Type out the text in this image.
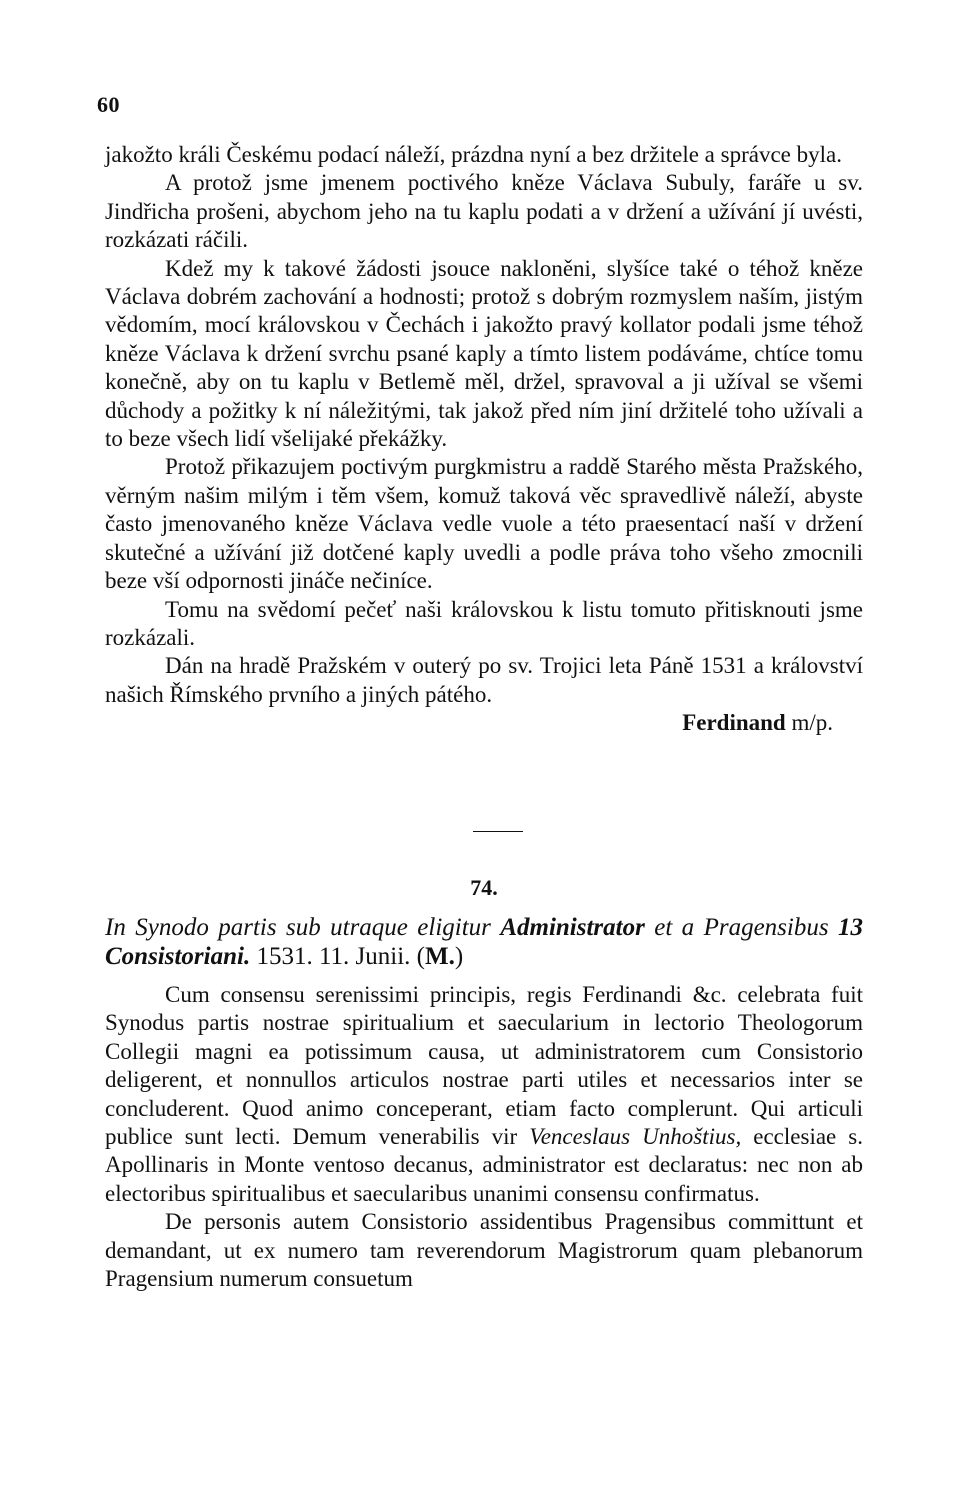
60

jakožto králi Českému podací náleží, prázdna nyní a bez držitele a správce byla.

A protož jsme jmenem poctivého kněze Václava Subuly, faráře u sv. Jindřicha prošeni, abychom jeho na tu kaplu podati a v držení a užívání jí uvésti, rozkázati ráčili.

Kdež my k takové žádosti jsouce nakloněni, slyšíce také o téhož kněze Václava dobrém zachování a hodnosti; protož s dobrým rozmyslem naším, jistým vědomím, mocí královskou v Čechách i jakožto pravý kollator podali jsme téhož kněze Václava k držení svrchu psané kaply a tímto listem podáváme, chtíce tomu konečně, aby on tu kaplu v Betlemě měl, držel, spravoval a ji užíval se všemi důchody a požitky k ní náležitými, tak jakož před ním jiní držitelé toho užívali a to beze všech lidí všelijaké překážky.

Protož přikazujem poctivým purgkmistru a raddě Starého města Pražského, věrným našim milým i těm všem, komuž taková věc spravedlivě náleží, abyste často jmenovaného kněze Václava vedle vuole a této praesentací naší v držení skutečné a užívání již dotčené kaply uvedli a podle práva toho všeho zmocnili beze vší odpornosti jináče nečiníce.

Tomu na svědomí pečeť naši královskou k listu tomuto přitisknouti jsme rozkázali.

Dán na hradě Pražském v outerý po sv. Trojici leta Páně 1531 a království našich Římského prvního a jiných pátého.

Ferdinand m/p.

74.
In Synodo partis sub utraque eligitur Administrator et a Pragensibus 13 Consistoriani. 1531. 11. Junii. (M.)

Cum consensu serenissimi principis, regis Ferdinandi &c. celebrata fuit Synodus partis nostrae spiritualium et saecularium in lectorio Theologorum Collegii magni ea potissimum causa, ut administratorem cum Consistorio deligerent, et nonnullos articulos nostrae parti utiles et necessarios inter se concluderent. Quod animo conceperant, etiam facto complerunt. Qui articuli publice sunt lecti. Demum venerabilis vir Venceslaus Unhoštius, ecclesiae s. Apollinaris in Monte ventoso decanus, administrator est declaratus: nec non ab electoribus spiritualibus et saecularibus unanimi consensu confirmatus.

De personis autem Consistorio assidentibus Pragensibus committunt et demandant, ut ex numero tam reverendorum Magistrorum quam plebanorum Pragensium numerum consuetum
